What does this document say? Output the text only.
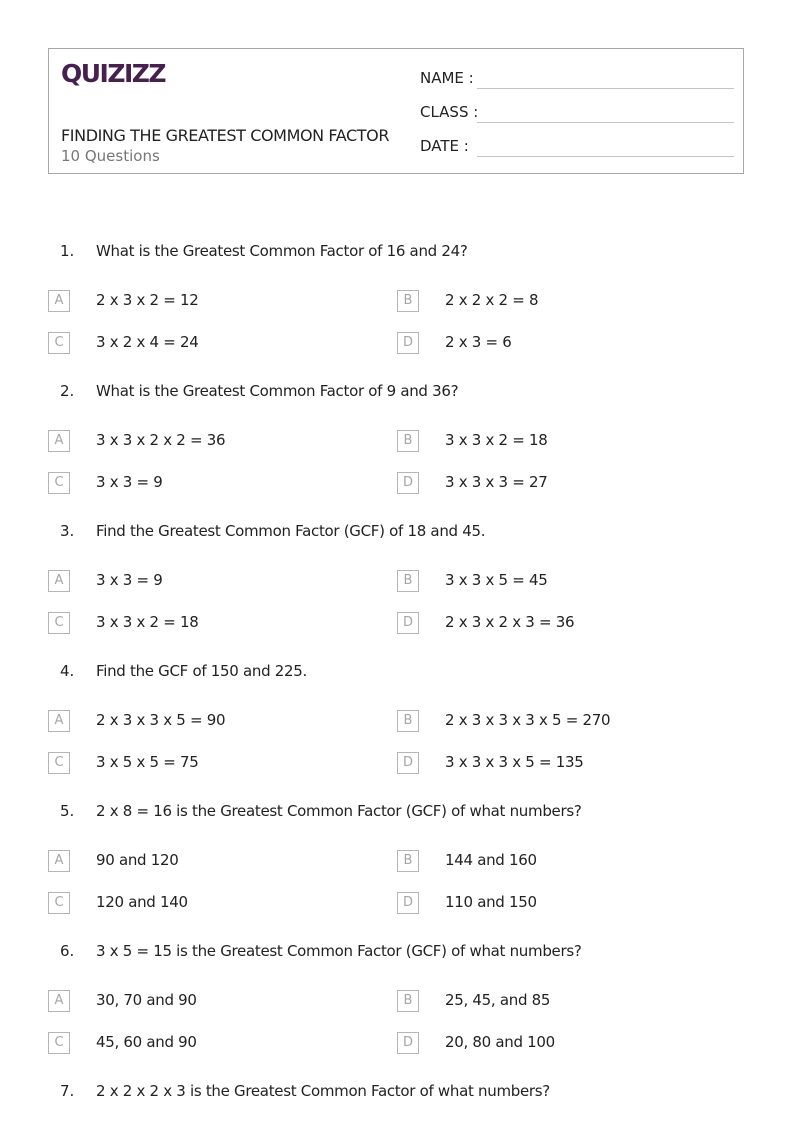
QUIZIZZ
FINDING THE GREATEST COMMON FACTOR
10 Questions
NAME :
CLASS :
DATE :
1. What is the Greatest Common Factor of 16 and 24?
A	2 x 3 x 2 = 12	B	2 x 2 x 2 = 8
C	3 x 2 x 4 = 24	D	2 x 3 = 6
2. What is the Greatest Common Factor of 9 and 36?
A	3 x 3 x 2 x 2 = 36	B	3 x 3 x 2 = 18
C	3 x 3 = 9	D	3 x 3 x 3 = 27
3. Find the Greatest Common Factor (GCF) of 18 and 45.
A	3 x 3 = 9	B	3 x 3 x 5 = 45
C	3 x 3 x 2 = 18	D	2 x 3 x 2 x 3 = 36
4. Find the GCF of 150 and 225.
A	2 x 3 x 3 x 5 = 90	B	2 x 3 x 3 x 3 x 5 = 270
C	3 x 5 x 5 = 75	D	3 x 3 x 3 x 5 = 135
5. 2 x 8 = 16 is the Greatest Common Factor (GCF) of what numbers?
A	90 and 120	B	144 and 160
C	120 and 140	D	110 and 150
6. 3 x 5 = 15 is the Greatest Common Factor (GCF) of what numbers?
A	30, 70 and 90	B	25, 45, and 85
C	45, 60 and 90	D	20, 80 and 100
7. 2 x 2 x 2 x 3 is the Greatest Common Factor of what numbers?
